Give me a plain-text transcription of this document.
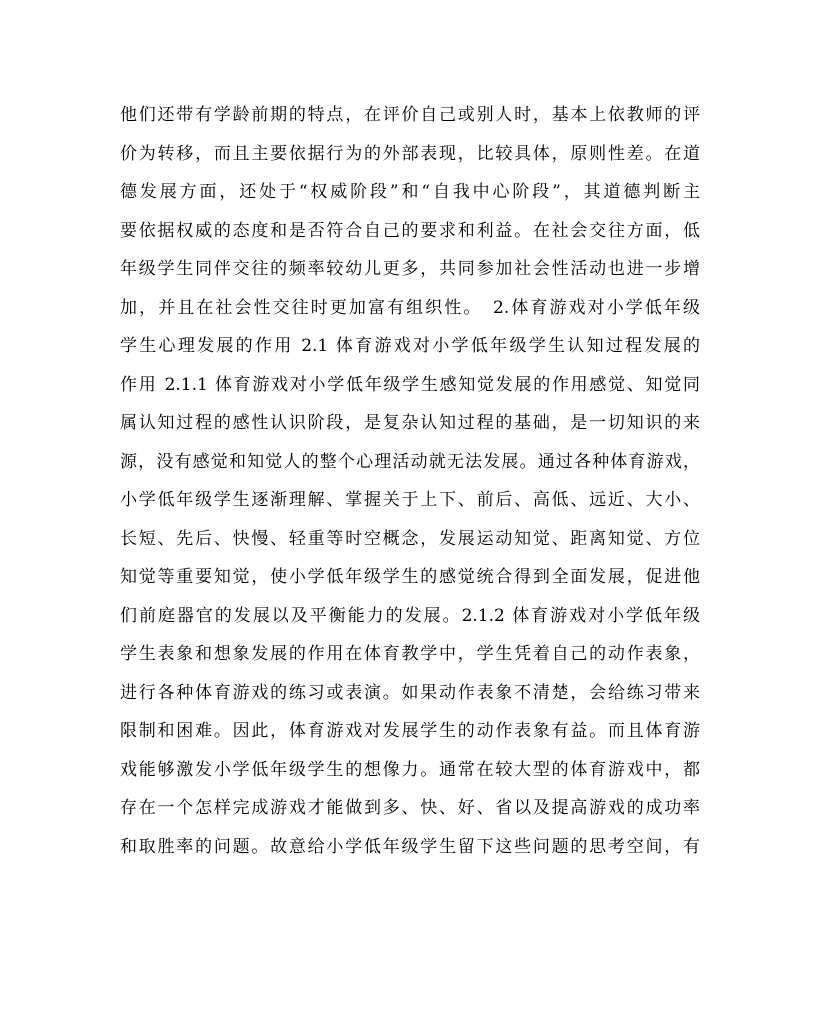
他们还带有学龄前期的特点，在评价自己或别人时，基本上依教师的评
价为转移，而且主要依据行为的外部表现，比较具体，原则性差。在道
德发展方面，还处于“权威阶段”和“自我中心阶段”，其道德判断主
要依据权威的态度和是否符合自己的要求和利益。在社会交往方面，低
年级学生同伴交往的频率较幼儿更多，共同参加社会性活动也进一步增
加，并且在社会性交往时更加富有组织性。　2.体育游戏对小学低年级
学生心理发展的作用 2.1 体育游戏对小学低年级学生认知过程发展的
作用 2.1.1 体育游戏对小学低年级学生感知觉发展的作用感觉、知觉同
属认知过程的感性认识阶段，是复杂认知过程的基础，是一切知识的来
源，没有感觉和知觉人的整个心理活动就无法发展。通过各种体育游戏，
小学低年级学生逐渐理解、掌握关于上下、前后、高低、远近、大小、
长短、先后、快慢、轻重等时空概念，发展运动知觉、距离知觉、方位
知觉等重要知觉，使小学低年级学生的感觉统合得到全面发展，促进他
们前庭器官的发展以及平衡能力的发展。2.1.2 体育游戏对小学低年级
学生表象和想象发展的作用在体育教学中，学生凭着自己的动作表象，
进行各种体育游戏的练习或表演。如果动作表象不清楚，会给练习带来
限制和困难。因此，体育游戏对发展学生的动作表象有益。而且体育游
戏能够激发小学低年级学生的想像力。通常在较大型的体育游戏中，都
存在一个怎样完成游戏才能做到多、快、好、省以及提高游戏的成功率
和取胜率的问题。故意给小学低年级学生留下这些问题的思考空间，有
